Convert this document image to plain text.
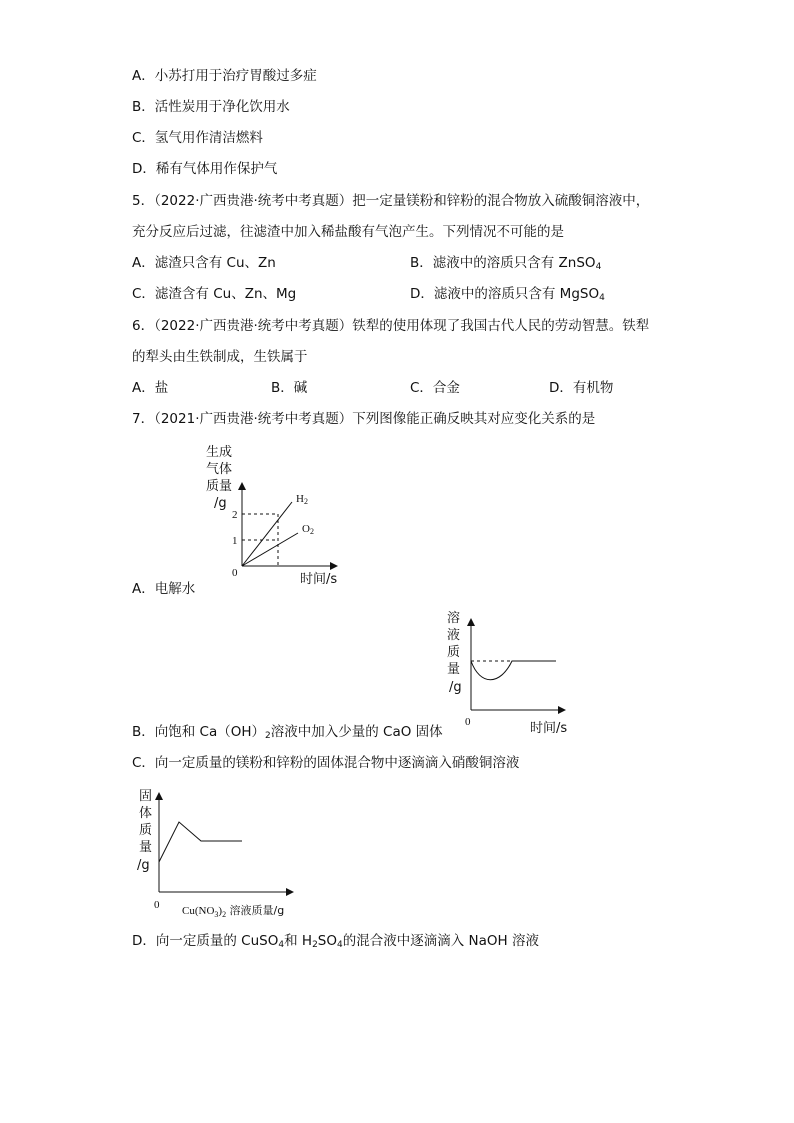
A．小苏打用于治疗胃酸过多症
B．活性炭用于净化饮用水
C．氢气用作清洁燃料
D．稀有气体用作保护气
5．（2022·广西贵港·统考中考真题）把一定量镁粉和锌粉的混合物放入硫酸铜溶液中，
充分反应后过滤，往滤渣中加入稀盐酸有气泡产生。下列情况不可能的是
A．滤渣只含有 Cu、Zn	B．滤液中的溶质只含有 ZnSO$_4$
C．滤渣含有 Cu、Zn、Mg	D．滤液中的溶质只含有 MgSO$_4$
6．（2022·广西贵港·统考中考真题）铁犁的使用体现了我国古代人民的劳动智慧。铁犁
的犁头由生铁制成，生铁属于
A．盐	B．碱	C．合金	D．有机物
7．（2021·广西贵港·统考中考真题）下列图像能正确反映其对应变化关系的是
生成
气体
质量
/g	H2
O2
2
1
0	时间/s
A．电解水
溶
液
质
量
/g
0	时间/s
B．向饱和 $Ca(OH)_2$溶液中加入少量的 CaO 固体
C．向一定质量的镁粉和锌粉的固体混合物中逐滴滴入硝酸铜溶液
固
体
质
量
/g
0 $Cu(NO_3)_2$ 溶液质量/g
D．向一定质量的 CuSO$_4$和 $H_2SO_4$的混合液中逐滴滴入 NaOH 溶液
